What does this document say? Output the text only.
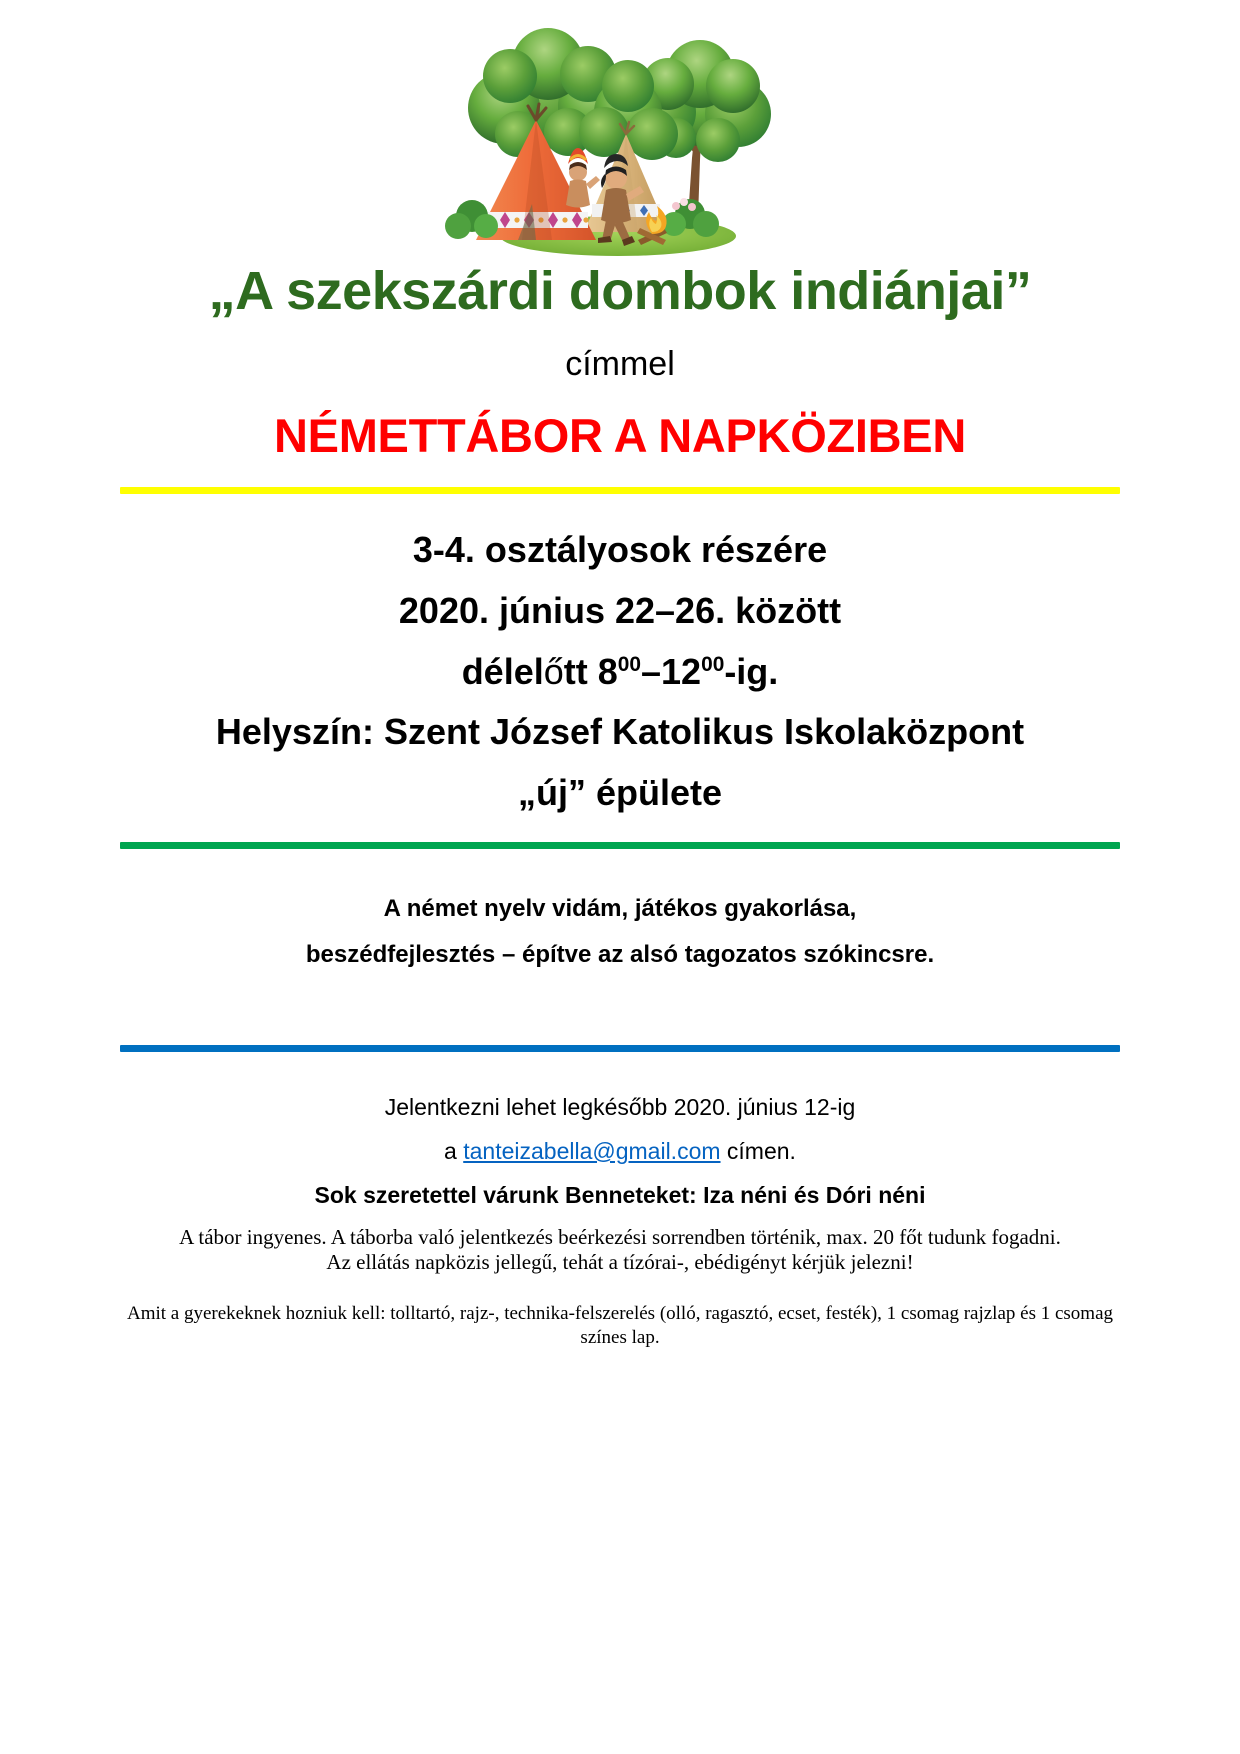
„A szekszárdi dombok indiánjai”
címmel
NÉMETTÁBOR A NAPKÖZIBEN

3-4. osztályosok részére

2020. június 22–26. között

délelőtt $8^{00}-12^{00}-ig$.

Helyszín: Szent József Katolikus Iskolaközpont

„új” épülete

A német nyelv vidám, játékos gyakorlása,

beszédfejlesztés – építve az alsó tagozatos szókincsre.

Jelentkezni lehet legkésőbb 2020. június 12-ig

a tanteizabella@gmail.com címen.

Sok szeretettel várunk Benneteket: Iza néni és Dóri néni

A tábor ingyenes. A táborba való jelentkezés beérkezési sorrendben történik, max. 20 főt tudunk fogadni.

Az ellátás napközis jellegű, tehát a tízórai-, ebédigényt kérjük jelezni!

Amit a gyerekeknek hozniuk kell: tolltartó, rajz-, technika-felszerelés (olló, ragasztó, ecset, festék), 1 csomag rajzlap és 1 csomag színes lap.
